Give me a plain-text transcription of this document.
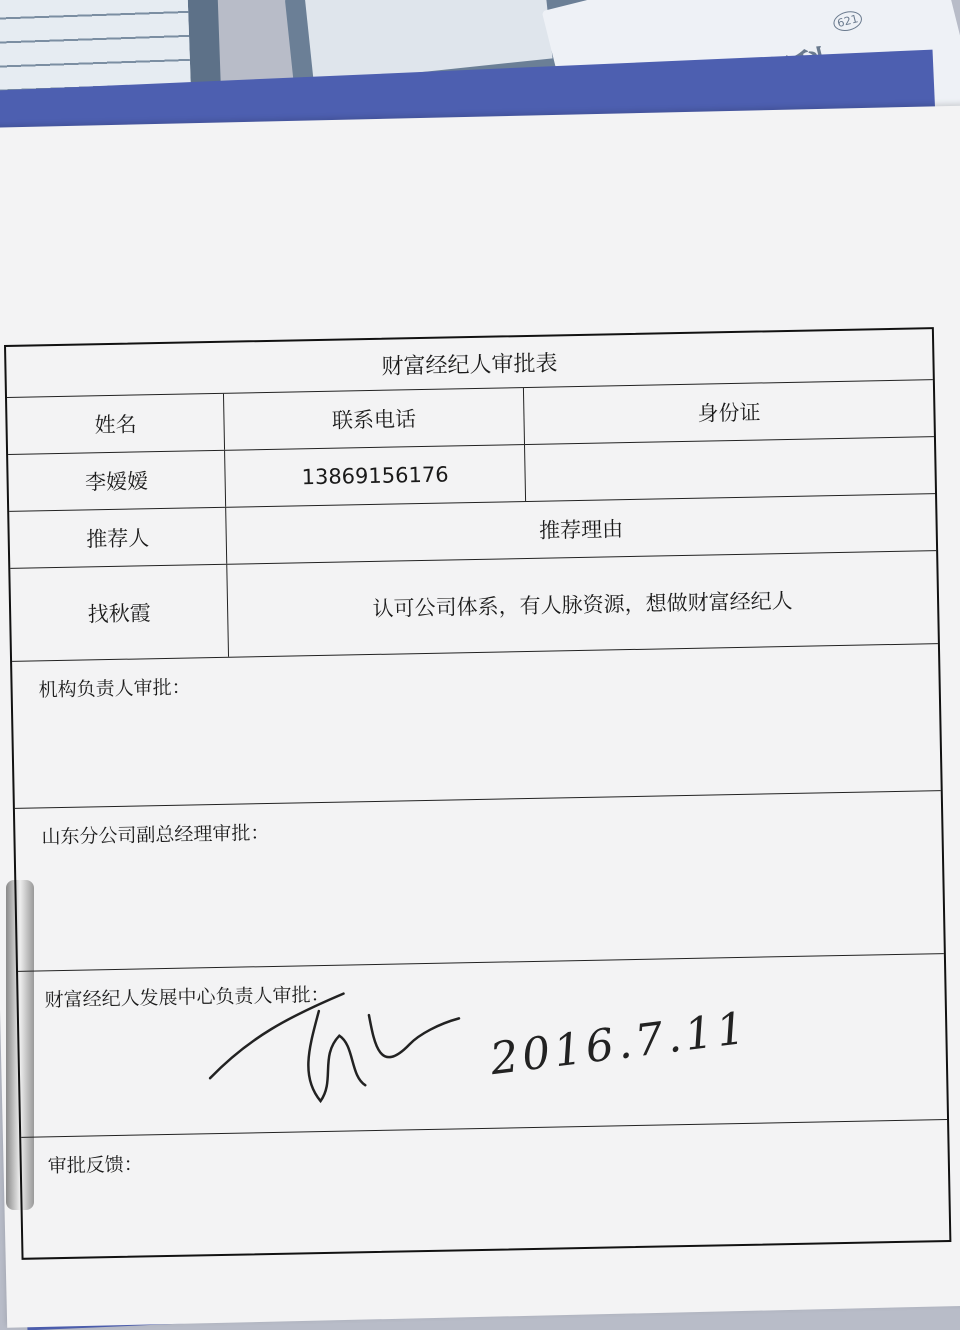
621
财富经纪人审批表
姓名	联系电话	身份证
李嫒嫒	13869156176
推荐人	推荐理由
找秋霞	认可公司体系，有人脉资源，想做财富经纪人
机构负责人审批：
山东分公司副总经理审批：
财富经纪人发展中心负责人审批：
2016.7.11
审批反馈：
